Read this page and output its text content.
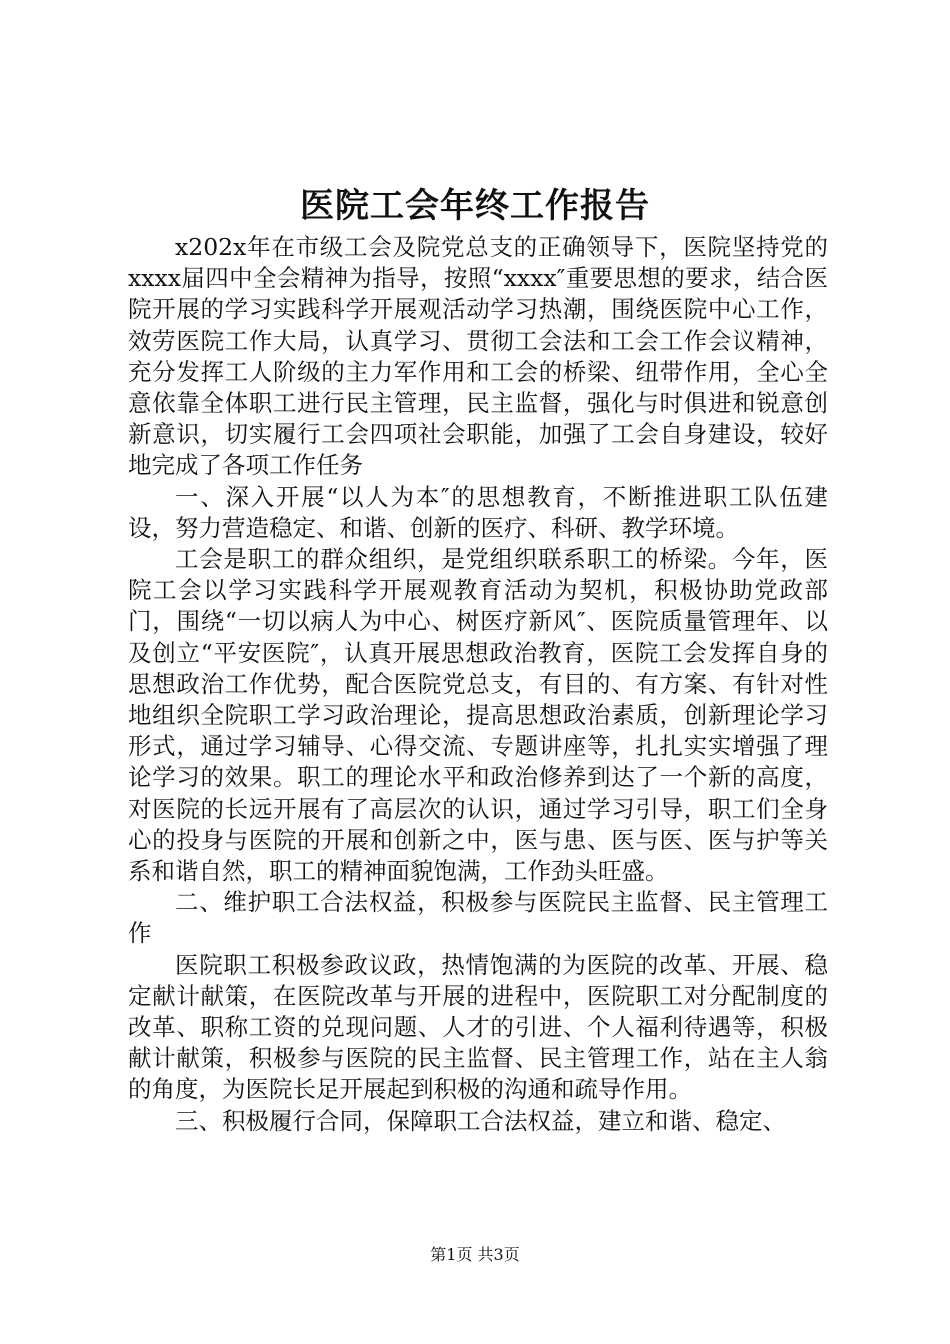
医院工会年终工作报告

x202x年在市级工会及院党总支的正确领导下，医院坚持党的xxxx届四中全会精神为指导，按照“xxxx″重要思想的要求，结合医院开展的学习实践科学开展观活动学习热潮，围绕医院中心工作，效劳医院工作大局，认真学习、贯彻工会法和工会工作会议精神，充分发挥工人阶级的主力军作用和工会的桥梁、纽带作用，全心全意依靠全体职工进行民主管理，民主监督，强化与时俱进和锐意创新意识，切实履行工会四项社会职能，加强了工会自身建设，较好地完成了各项工作任务

一、深入开展“以人为本″的思想教育，不断推进职工队伍建设，努力营造稳定、和谐、创新的医疗、科研、教学环境。

工会是职工的群众组织，是党组织联系职工的桥梁。今年，医院工会以学习实践科学开展观教育活动为契机，积极协助党政部门，围绕“一切以病人为中心、树医疗新风″、医院质量管理年、以及创立“平安医院″，认真开展思想政治教育，医院工会发挥自身的思想政治工作优势，配合医院党总支，有目的、有方案、有针对性地组织全院职工学习政治理论，提高思想政治素质，创新理论学习形式，通过学习辅导、心得交流、专题讲座等，扎扎实实增强了理论学习的效果。职工的理论水平和政治修养到达了一个新的高度，对医院的长远开展有了高层次的认识，通过学习引导，职工们全身心的投身与医院的开展和创新之中，医与患、医与医、医与护等关系和谐自然，职工的精神面貌饱满，工作劲头旺盛。

二、维护职工合法权益，积极参与医院民主监督、民主管理工作

医院职工积极参政议政，热情饱满的为医院的改革、开展、稳定献计献策，在医院改革与开展的进程中，医院职工对分配制度的改革、职称工资的兑现问题、人才的引进、个人福利待遇等，积极献计献策，积极参与医院的民主监督、民主管理工作，站在主人翁的角度，为医院长足开展起到积极的沟通和疏导作用。

三、积极履行合同，保障职工合法权益，建立和谐、稳定、

第1页 共3页
